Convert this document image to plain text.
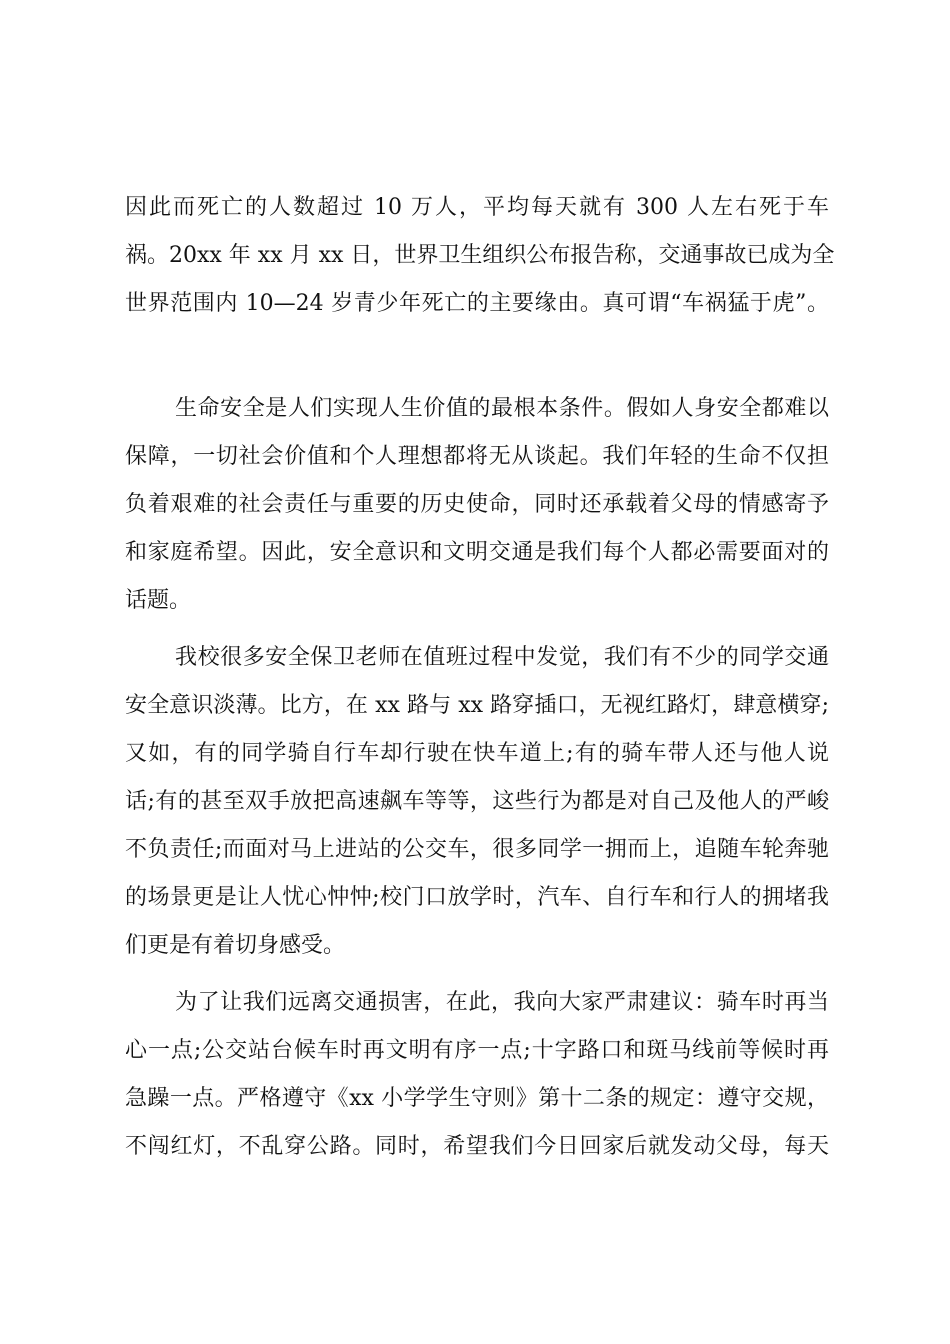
因此而死亡的人数超过 10 万人，平均每天就有 300 人左右死于车
祸。20xx 年 xx 月 xx 日，世界卫生组织公布报告称，交通事故已成为全
世界范围内 10—24 岁青少年死亡的主要缘由。真可谓“车祸猛于虎”。
生命安全是人们实现人生价值的最根本条件。假如人身安全都难以
保障，一切社会价值和个人理想都将无从谈起。我们年轻的生命不仅担
负着艰难的社会责任与重要的历史使命，同时还承载着父母的情感寄予
和家庭希望。因此，安全意识和文明交通是我们每个人都必需要面对的
话题。
我校很多安全保卫老师在值班过程中发觉，我们有不少的同学交通
安全意识淡薄。比方，在 xx 路与 xx 路穿插口，无视红路灯，肆意横穿;
又如，有的同学骑自行车却行驶在快车道上;有的骑车带人还与他人说
话;有的甚至双手放把高速飙车等等，这些行为都是对自己及他人的严峻
不负责任;而面对马上进站的公交车，很多同学一拥而上，追随车轮奔驰
的场景更是让人忧心忡忡;校门口放学时，汽车、自行车和行人的拥堵我
们更是有着切身感受。
为了让我们远离交通损害，在此，我向大家严肃建议：骑车时再当
心一点;公交站台候车时再文明有序一点;十字路口和斑马线前等候时再
急躁一点。严格遵守《xx 小学学生守则》第十二条的规定：遵守交规，
不闯红灯，不乱穿公路。同时，希望我们今日回家后就发动父母，每天
